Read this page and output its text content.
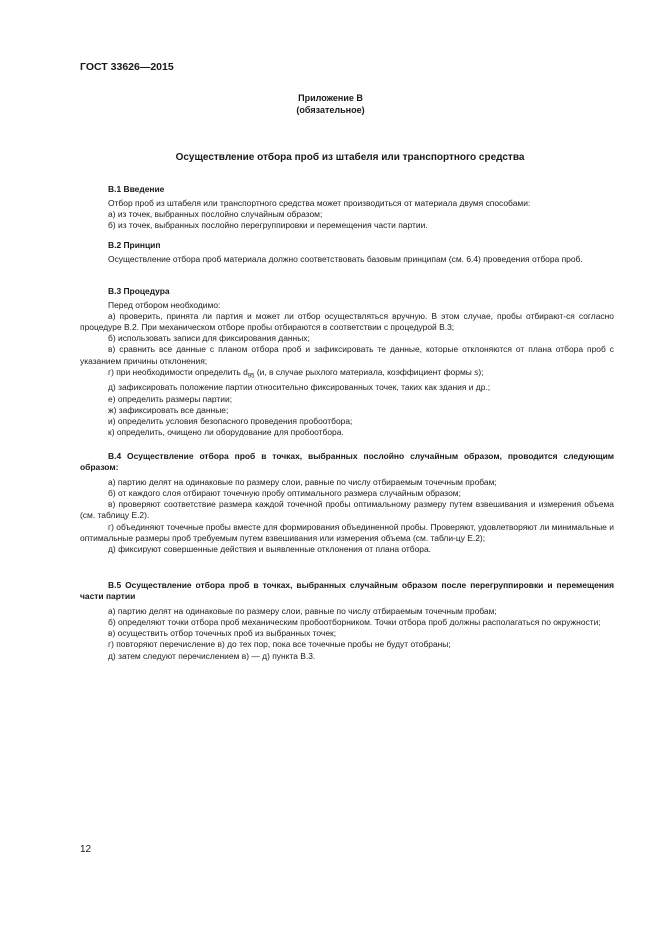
ГОСТ 33626—2015
Приложение В
(обязательное)
Осуществление отбора проб из штабеля или транспортного средства

В.1 Введение

Отбор проб из штабеля или транспортного средства может производиться от материала двумя способами:

а) из точек, выбранных послойно случайным образом;

б) из точек, выбранных послойно перегруппировки и перемещения части партии.

В.2 Принцип

Осуществление отбора проб материала должно соответствовать базовым принципам (см. 6.4) проведения отбора проб.

В.3 Процедура

Перед отбором необходимо:

а) проверить, принята ли партия и может ли отбор осуществляться вручную. В этом случае, пробы отбирают-ся согласно процедуре В.2. При механическом отборе пробы отбираются в соответствии с процедурой В.3;

б) использовать записи для фиксирования данных;

в) сравнить все данные с планом отбора проб и зафиксировать те данные, которые отклоняются от плана отбора проб с указанием причины отклонения;

г) при необходимости определить $d_{95}$ (и, в случае рыхлого материала, коэффициент формы s);

д) зафиксировать положение партии относительно фиксированных точек, таких как здания и др.;

е) определить размеры партии;

ж) зафиксировать все данные;

и) определить условия безопасного проведения пробоотбора;

к) определить, очищено ли оборудование для пробоотбора.

В.4 Осуществление отбора проб в точках, выбранных послойно случайным образом, проводится следующим образом:

а) партию делят на одинаковые по размеру слои, равные по числу отбираемым точечным пробам;

б) от каждого слоя отбирают точечную пробу оптимального размера случайным образом;

в) проверяют соответствие размера каждой точечной пробы оптимальному размеру путем взвешивания и измерения объема (см. таблицу Е.2).

г) объединяют точечные пробы вместе для формирования объединенной пробы. Проверяют, удовлетворяют ли минимальные и оптимальные размеры проб требуемым путем взвешивания или измерения объема (см. табли-цу Е.2);

д) фиксируют совершенные действия и выявленные отклонения от плана отбора.

В.5 Осуществление отбора проб в точках, выбранных случайным образом после перегруппировки и перемещения части партии

а) партию делят на одинаковые по размеру слои, равные по числу отбираемым точечным пробам;

б) определяют точки отбора проб механическим пробоотборником. Точки отбора проб должны располагаться по окружности;

в) осуществить отбор точечных проб из выбранных точек;

г) повторяют перечисление в) до тех пор, пока все точечные пробы не будут отобраны;

д) затем следуют перечислением в) — д) пункта В.3.

12
